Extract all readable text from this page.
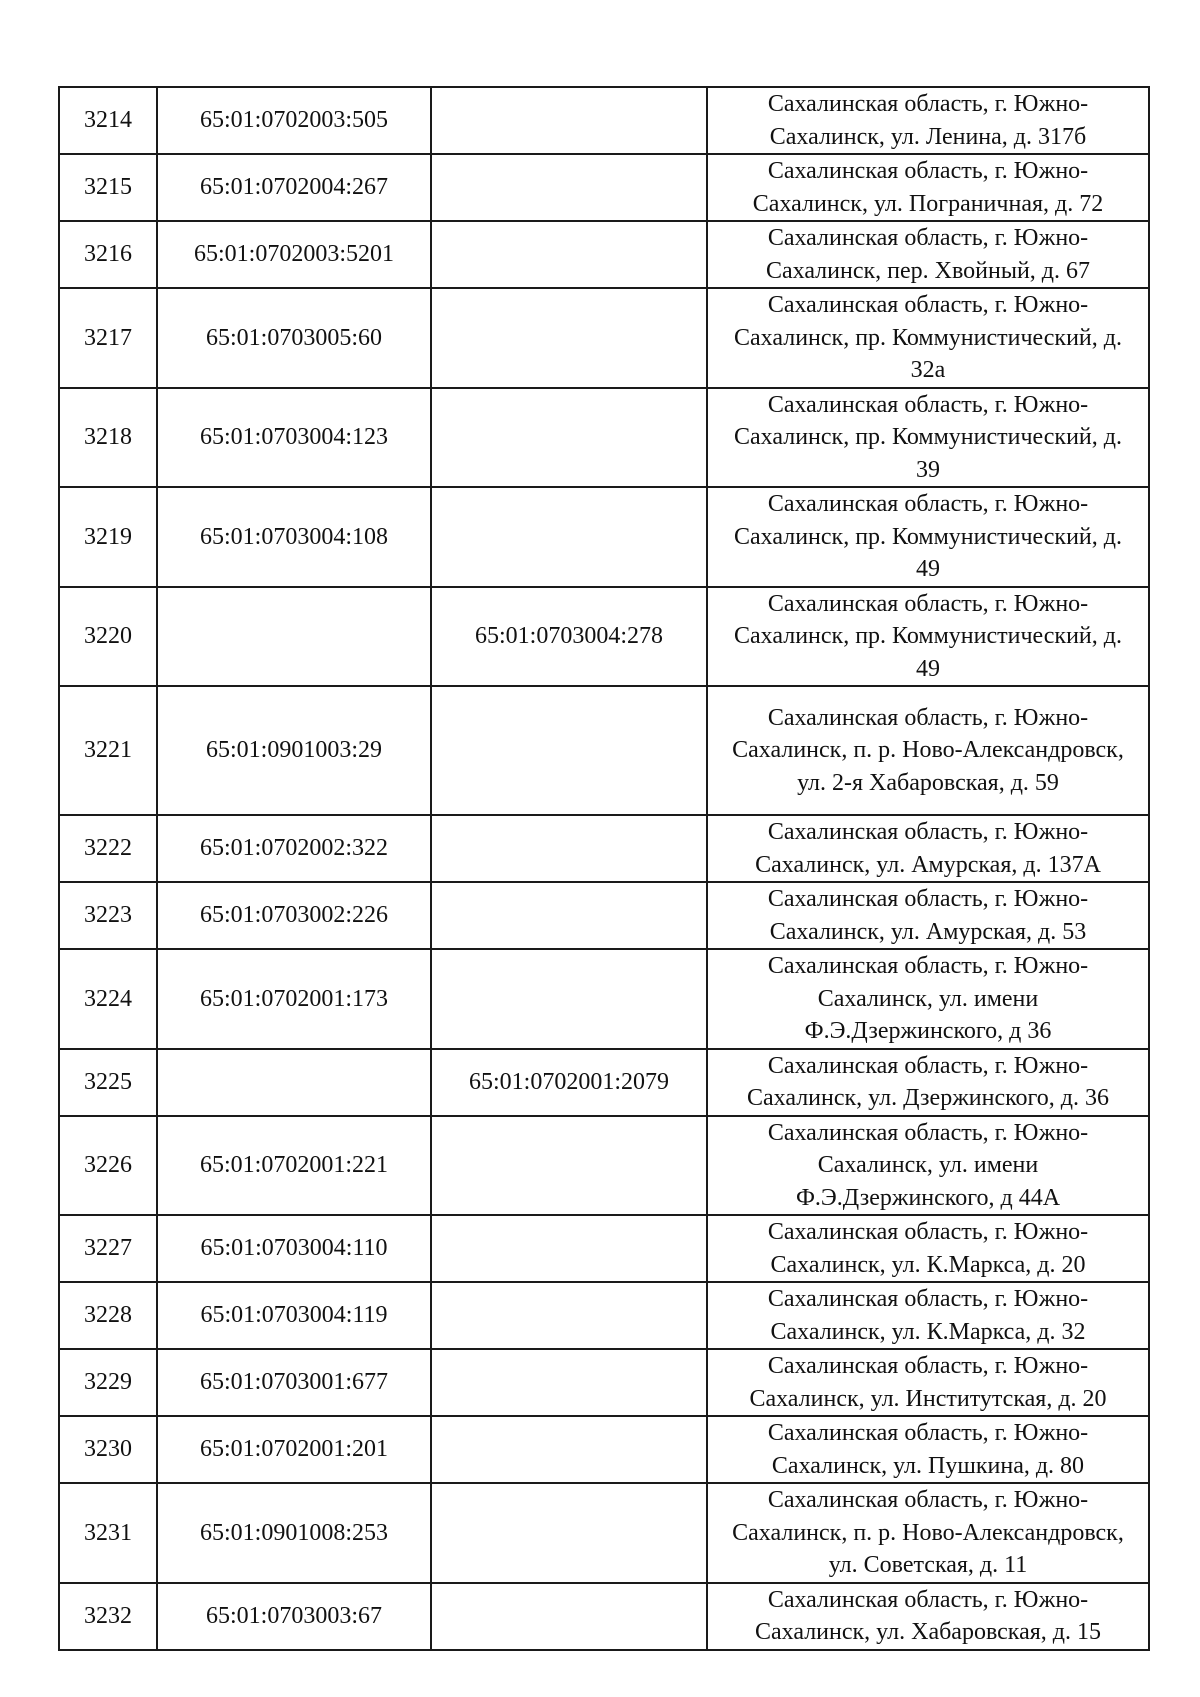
3214	65:01:0702003:505		Сахалинская область, г. Южно-
Сахалинск, ул. Ленина, д. 317б
3215	65:01:0702004:267		Сахалинская область, г. Южно-
Сахалинск, ул. Пограничная, д. 72
3216	65:01:0702003:5201		Сахалинская область, г. Южно-
Сахалинск, пер. Хвойный, д. 67
3217	65:01:0703005:60		Сахалинская область, г. Южно-
Сахалинск, пр. Коммунистический, д.
32а
3218	65:01:0703004:123		Сахалинская область, г. Южно-
Сахалинск, пр. Коммунистический, д.
39
3219	65:01:0703004:108		Сахалинская область, г. Южно-
Сахалинск, пр. Коммунистический, д.
49
3220		65:01:0703004:278	Сахалинская область, г. Южно-
Сахалинск, пр. Коммунистический, д.
49
3221	65:01:0901003:29		Сахалинская область, г. Южно-
Сахалинск, п. р. Ново-Александровск,
ул. 2-я Хабаровская, д. 59
3222	65:01:0702002:322		Сахалинская область, г. Южно-
Сахалинск, ул. Амурская, д. 137А
3223	65:01:0703002:226		Сахалинская область, г. Южно-
Сахалинск, ул. Амурская, д. 53
3224	65:01:0702001:173		Сахалинская область, г. Южно-
Сахалинск, ул. имени
Ф.Э.Дзержинского, д 36
3225		65:01:0702001:2079	Сахалинская область, г. Южно-
Сахалинск, ул. Дзержинского, д. 36
3226	65:01:0702001:221		Сахалинская область, г. Южно-
Сахалинск, ул. имени
Ф.Э.Дзержинского, д 44А
3227	65:01:0703004:110		Сахалинская область, г. Южно-
Сахалинск, ул. К.Маркса, д. 20
3228	65:01:0703004:119		Сахалинская область, г. Южно-
Сахалинск, ул. К.Маркса, д. 32
3229	65:01:0703001:677		Сахалинская область, г. Южно-
Сахалинск, ул. Институтская, д. 20
3230	65:01:0702001:201		Сахалинская область, г. Южно-
Сахалинск, ул. Пушкина, д. 80
3231	65:01:0901008:253		Сахалинская область, г. Южно-
Сахалинск, п. р. Ново-Александровск,
ул. Советская, д. 11
3232	65:01:0703003:67		Сахалинская область, г. Южно-
Сахалинск, ул. Хабаровская, д. 15
